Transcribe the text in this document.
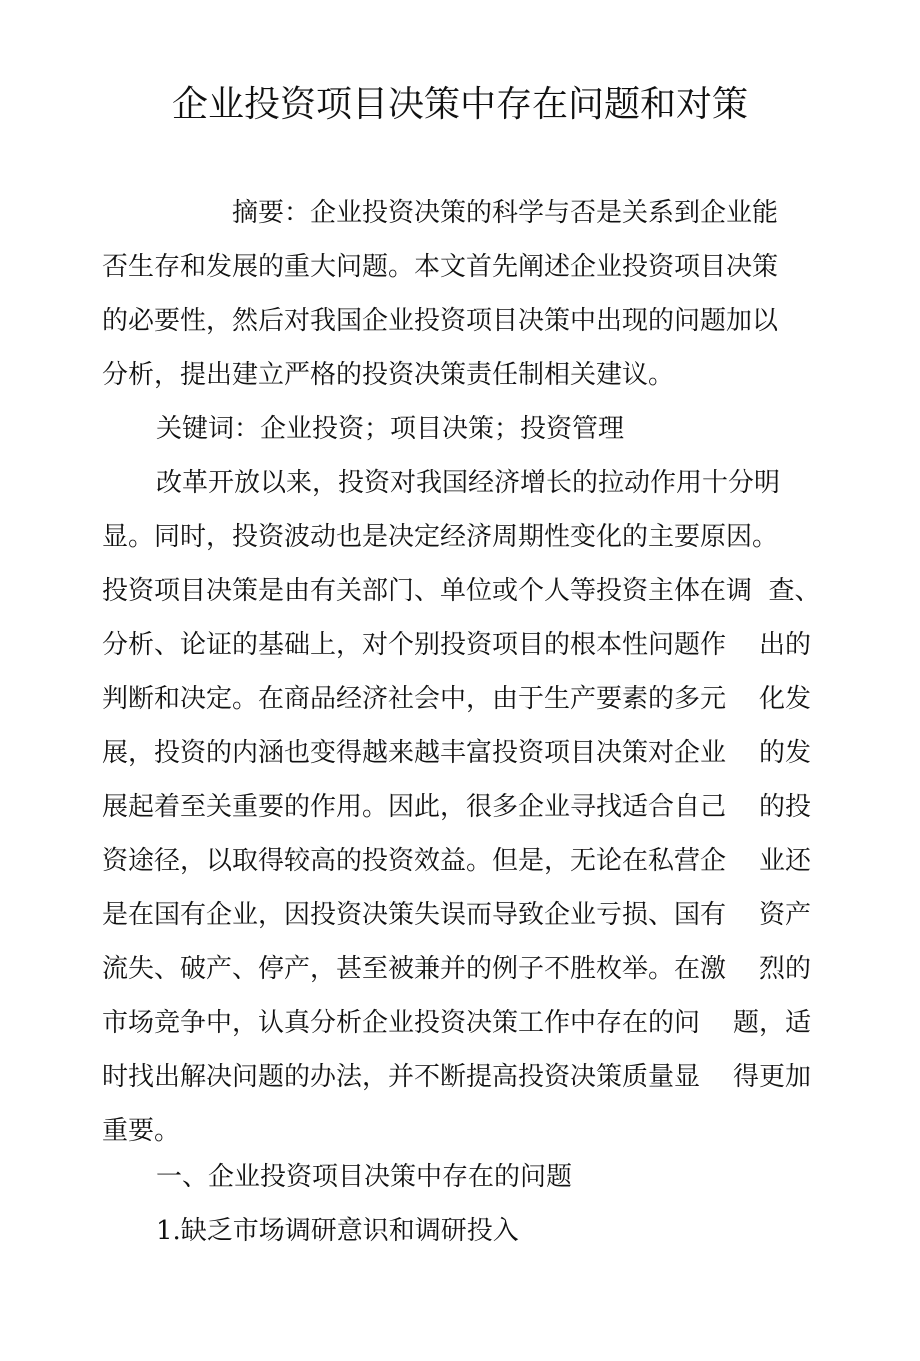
企业投资项目决策中存在问题和对策
摘要：企业投资决策的科学与否是关系到企业能
否生存和发展的重大问题。本文首先阐述企业投资项目决策
的必要性，然后对我国企业投资项目决策中出现的问题加以
分析，提出建立严格的投资决策责任制相关建议。
关键词：企业投资；项目决策；投资管理
改革开放以来，投资对我国经济增长的拉动作用十分明
显。同时，投资波动也是决定经济周期性变化的主要原因。
投资项目决策是由有关部门、单位或个人等投资主体在调  查、
分析、论证的基础上，对个别投资项目的根本性问题作    出的
判断和决定。在商品经济社会中，由于生产要素的多元    化发
展，投资的内涵也变得越来越丰富投资项目决策对企业    的发
展起着至关重要的作用。因此，很多企业寻找适合自己    的投
资途径，以取得较高的投资效益。但是，无论在私营企    业还
是在国有企业，因投资决策失误而导致企业亏损、国有    资产
流失、破产、停产，甚至被兼并的例子不胜枚举。在激    烈的
市场竞争中，认真分析企业投资决策工作中存在的问    题，适
时找出解决问题的办法，并不断提高投资决策质量显    得更加
重要。
一、企业投资项目决策中存在的问题
1.缺乏市场调研意识和调研投入
